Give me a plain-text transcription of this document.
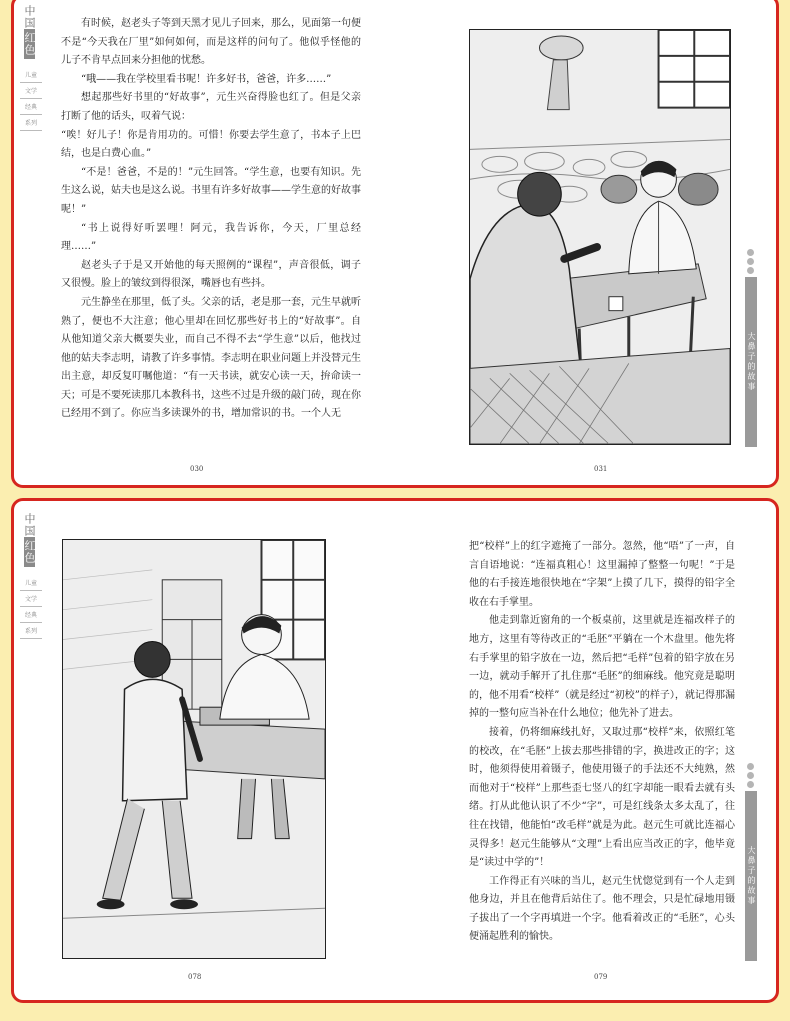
中国红色
儿童
文学
经典
系列

有时候，赵老头子等到天黑才见儿子回来，那么，见面第一句便不是“今天我在厂里”如何如何，而是这样的问句了。他似乎怪他的儿子不肯早点回来分担他的忧愁。

“哦——我在学校里看书呢！许多好书，爸爸，许多……”

想起那些好书里的“好故事”，元生兴奋得脸也红了。但是父亲打断了他的话头，叹着气说：

“唉！好儿子！你是肯用功的。可惜！你要去学生意了，书本子上巴结，也是白费心血。”

“不是！爸爸，不是的！”元生回答。“学生意，也要有知识。先生这么说，姑夫也是这么说。书里有许多好故事——学生意的好故事呢！”

“书上说得好听罢哩！阿元，我告诉你，今天，厂里总经理……”

赵老头子于是又开始他的每天照例的“课程”，声音很低，调子又很慢。脸上的皱纹到得很深，嘴唇也有些抖。

元生静坐在那里，低了头。父亲的话，老是那一套，元生早就听熟了，便也不大注意；他心里却在回忆那些好书上的“好故事”。自从他知道父亲大概要失业，而自己不得不去“学生意”以后，他找过他的姑夫李志明，请教了许多事情。李志明在职业问题上并没替元生出主意，却反复叮嘱他道：“有一天书读，就安心读一天，拚命读一天；可是不要死读那几本教科书，这些不过是升级的敲门砖，现在你已经用不到了。你应当多读课外的书，增加常识的书。一个人无

030	031
大鼻子的故事
中国红色
儿童
文学
经典
系列
078

把“校样”上的红字遮掩了一部分。忽然，他“唔”了一声，自言自语地说：“连福真粗心！这里漏掉了整整一句呢！”于是他的右手接连地很快地在“字架”上摸了几下，摸得的铅字全收在右手掌里。

他走到靠近窗角的一个板桌前，这里就是连福改样子的地方，这里有等待改正的“毛胚”平躺在一个木盘里。他先将右手掌里的铅字放在一边，然后把“毛样”包着的铅字放在另一边，就动手解开了扎住那“毛胚”的细麻线。他究竟是聪明的，他不用看“校样”（就是经过“初校”的样子），就记得那漏掉的一整句应当补在什么地位；他先补了进去。

接着，仍将细麻线扎好，又取过那“校样”来，依照红笔的校改，在“毛胚”上拔去那些排错的字，换进改正的字；这时，他须得使用着镊子，他使用镊子的手法还不大纯熟，然而他对于“校样”上那些歪七竖八的红字却能一眼看去就有头绪。打从此他认识了不少“字”，可是红线条太多太乱了，往往在找错，他能怕“改毛样”就是为此。赵元生可就比连福心灵得多！赵元生能够从“文理”上看出应当改正的字，他毕竟是“读过中学的”！

工作得正有兴味的当儿，赵元生忧惚觉到有一个人走到他身边，并且在他背后站住了。他不理会，只是忙碌地用镊子拔出了一个字再填进一个字。他看着改正的“毛胚”，心头便涌起胜利的愉快。

079
大鼻子的故事
